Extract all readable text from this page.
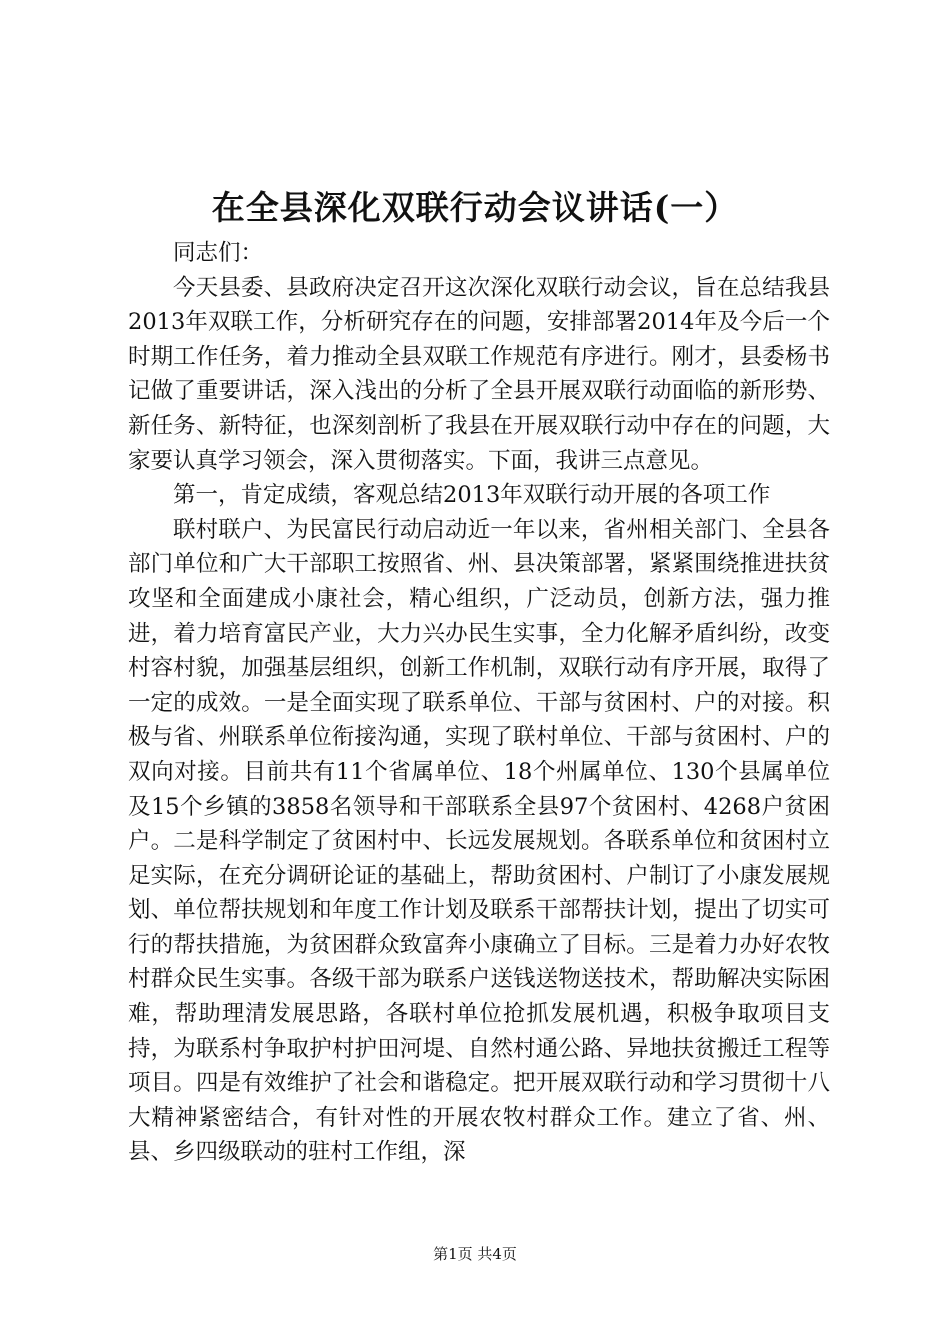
在全县深化双联行动会议讲话(一）

同志们：

今天县委、县政府决定召开这次深化双联行动会议，旨在总结我县2013年双联工作，分析研究存在的问题，安排部署2014年及今后一个时期工作任务，着力推动全县双联工作规范有序进行。刚才，县委杨书记做了重要讲话，深入浅出的分析了全县开展双联行动面临的新形势、新任务、新特征，也深刻剖析了我县在开展双联行动中存在的问题，大家要认真学习领会，深入贯彻落实。下面，我讲三点意见。

第一，肯定成绩，客观总结2013年双联行动开展的各项工作

联村联户、为民富民行动启动近一年以来，省州相关部门、全县各部门单位和广大干部职工按照省、州、县决策部署，紧紧围绕推进扶贫攻坚和全面建成小康社会，精心组织，广泛动员，创新方法，强力推进，着力培育富民产业，大力兴办民生实事，全力化解矛盾纠纷，改变村容村貌，加强基层组织，创新工作机制，双联行动有序开展，取得了一定的成效。一是全面实现了联系单位、干部与贫困村、户的对接。积极与省、州联系单位衔接沟通，实现了联村单位、干部与贫困村、户的双向对接。目前共有11个省属单位、18个州属单位、130个县属单位及15个乡镇的3858名领导和干部联系全县97个贫困村、4268户贫困户。二是科学制定了贫困村中、长远发展规划。各联系单位和贫困村立足实际，在充分调研论证的基础上，帮助贫困村、户制订了小康发展规划、单位帮扶规划和年度工作计划及联系干部帮扶计划，提出了切实可行的帮扶措施，为贫困群众致富奔小康确立了目标。三是着力办好农牧村群众民生实事。各级干部为联系户送钱送物送技术，帮助解决实际困难，帮助理清发展思路，各联村单位抢抓发展机遇，积极争取项目支持，为联系村争取护村护田河堤、自然村通公路、异地扶贫搬迁工程等项目。四是有效维护了社会和谐稳定。把开展双联行动和学习贯彻十八大精神紧密结合，有针对性的开展农牧村群众工作。建立了省、州、县、乡四级联动的驻村工作组，深

第1页 共4页
